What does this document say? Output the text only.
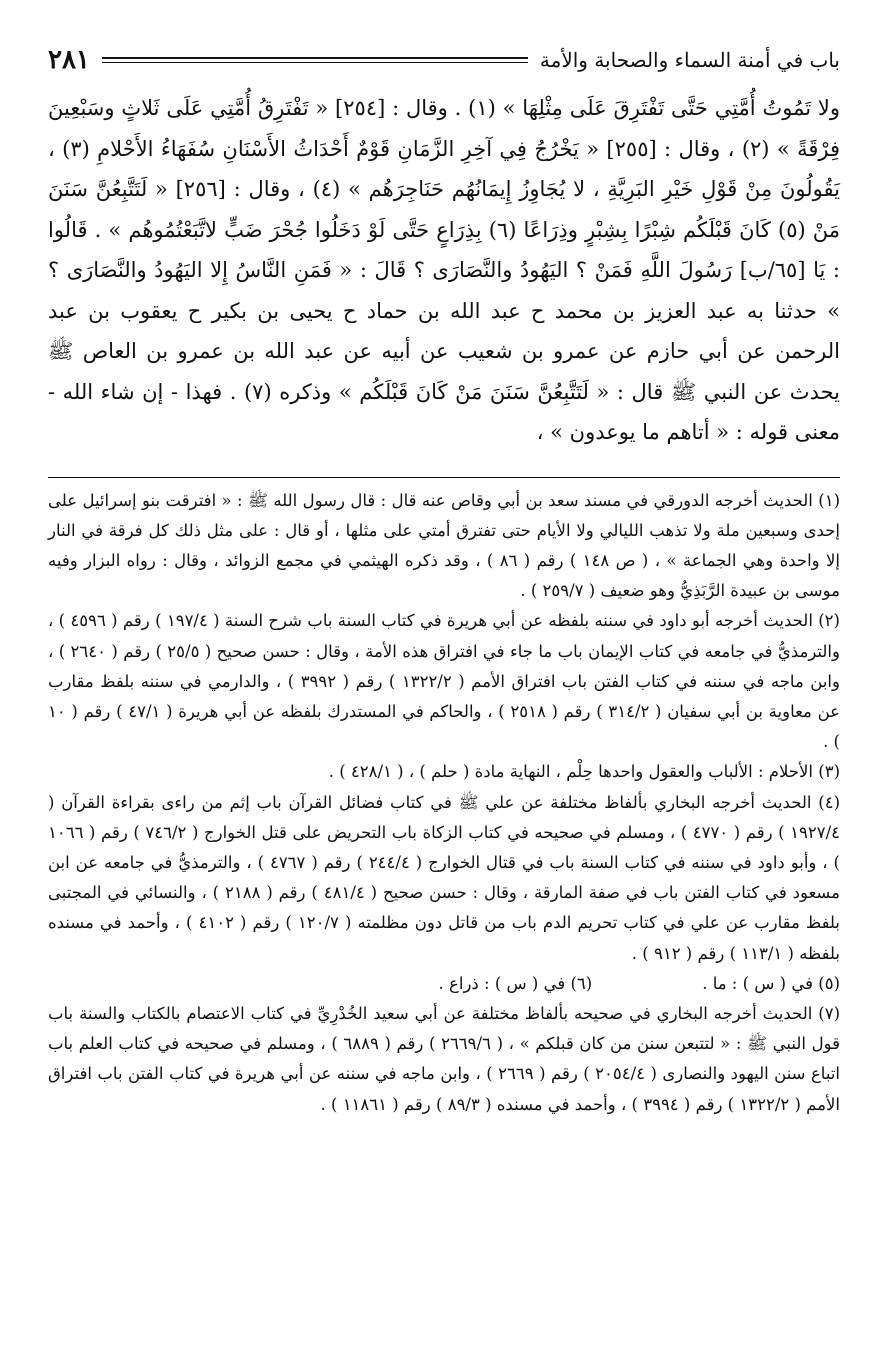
باب في أمنة السماء والصحابة والأمة
٢٨١

ولا تَمُوتُ أُمَّتِي حَتَّى تَفْتَرِقَ عَلَى مِثْلِهَا » (١) . وقال : [٢٥٤] « تَفْتَرِقُ أُمَّتِي عَلَى ثَلاثٍ وسَبْعِينَ فِرْقَةً » (٢) ، وقال : [٢٥٥] « يَخْرُجُ فِي آخِرِ الزَّمَانِ قَوْمٌ أَحْدَاثُ الأَسْنَانِ سُفَهَاءُ الأَحْلامِ (٣) ، يَقُولُونَ مِنْ قَوْلِ خَيْرِ البَرِيَّةِ ، لا يُجَاوِزُ إِيمَانُهُم حَنَاجِرَهُم » (٤) ، وقال : [٢٥٦] « لَتَتَّبِعُنَّ سَنَنَ مَنْ (٥) كَانَ قَبْلَكُم شِبْرًا بِشِبْرٍ وذِرَاعًا (٦) بِذِرَاعٍ حَتَّى لَوْ دَخَلُوا جُحْرَ ضَبٍّ لاتَّبَعْتُمُوهُم » . قَالُوا : يَا [٦٥/ب] رَسُولَ اللَّهِ فَمَنْ ؟ اليَهُودُ والنَّصَارَى ؟ قَالَ : « فَمَنِ النَّاسُ إِلا اليَهُودُ والنَّصَارَى ؟ » حدثنا به عبد العزيز بن محمد ح عبد الله بن حماد ح يحيى بن بكير ح يعقوب بن عبد الرحمن عن أبي حازم عن عمرو بن شعيب عن أبيه عن عبد الله بن عمرو بن العاص ﷺ يحدث عن النبي ﷺ قال : « لَتَتَّبِعُنَّ سَنَنَ مَنْ كَانَ قَبْلَكُم » وذكره (٧) . فهذا - إن شاء الله - معنى قوله : « أتاهم ما يوعدون » ،

(١) الحديث أخرجه الدورقي في مسند سعد بن أبي وقاص عنه قال : قال رسول الله ﷺ : « افترقت بنو إسرائيل على إحدى وسبعين ملة ولا تذهب الليالي ولا الأيام حتى تفترق أمتي على مثلها ، أو قال : على مثل ذلك كل فرقة في النار إلا واحدة وهي الجماعة » ، ( ص ١٤٨ ) رقم ( ٨٦ ) ، وقد ذكره الهيثمي في مجمع الزوائد ، وقال : رواه البزار وفيه موسى بن عبيدة الرَّبَذِيُّ وهو ضعيف ( ٢٥٩/٧ ) .

(٢) الحديث أخرجه أبو داود في سننه بلفظه عن أبي هريرة في كتاب السنة باب شرح السنة ( ١٩٧/٤ ) رقم ( ٤٥٩٦ ) ، والترمذيُّ في جامعه في كتاب الإيمان باب ما جاء في افتراق هذه الأمة ، وقال : حسن صحيح ( ٢٥/٥ ) رقم ( ٢٦٤٠ ) ، وابن ماجه في سننه في كتاب الفتن باب افتراق الأمم ( ١٣٢٢/٢ ) رقم ( ٣٩٩٢ ) ، والدارمي في سننه بلفظ مقارب عن معاوية بن أبي سفيان ( ٣١٤/٢ ) رقم ( ٢٥١٨ ) ، والحاكم في المستدرك بلفظه عن أبي هريرة ( ٤٧/١ ) رقم ( ١٠ ) .

(٣) الأحلام : الألباب والعقول واحدها حِلْم ، النهاية مادة ( حلم ) ، ( ٤٢٨/١ ) .

(٤) الحديث أخرجه البخاري بألفاظ مختلفة عن علي ﷺ في كتاب فضائل القرآن باب إثم من راءى بقراءة القرآن ( ١٩٢٧/٤ ) رقم ( ٤٧٧٠ ) ، ومسلم في صحيحه في كتاب الزكاة باب التحريض على قتل الخوارج ( ٧٤٦/٢ ) رقم ( ١٠٦٦ ) ، وأبو داود في سننه في كتاب السنة باب في قتال الخوارج ( ٢٤٤/٤ ) رقم ( ٤٧٦٧ ) ، والترمذيُّ في جامعه عن ابن مسعود في كتاب الفتن باب في صفة المارقة ، وقال : حسن صحيح ( ٤٨١/٤ ) رقم ( ٢١٨٨ ) ، والنسائي في المجتبى بلفظ مقارب عن علي في كتاب تحريم الدم باب من قاتل دون مظلمته ( ١٢٠/٧ ) رقم ( ٤١٠٢ ) ، وأحمد في مسنده بلفظه ( ١١٣/١ ) رقم ( ٩١٢ ) .

(٥) في ( س ) : ما .
(٦) في ( س ) : ذراع .

(٧) الحديث أخرجه البخاري في صحيحه بألفاظ مختلفة عن أبي سعيد الخُدْرِيِّ في كتاب الاعتصام بالكتاب والسنة باب قول النبي ﷺ : « لتتبعن سنن من كان قبلكم » ، ( ٢٦٦٩/٦ ) رقم ( ٦٨٨٩ ) ، ومسلم في صحيحه في كتاب العلم باب اتباع سنن اليهود والنصارى ( ٢٠٥٤/٤ ) رقم ( ٢٦٦٩ ) ، وابن ماجه في سننه عن أبي هريرة في كتاب الفتن باب افتراق الأمم ( ١٣٢٢/٢ ) رقم ( ٣٩٩٤ ) ، وأحمد في مسنده ( ٨٩/٣ ) رقم ( ١١٨٦١ ) .
